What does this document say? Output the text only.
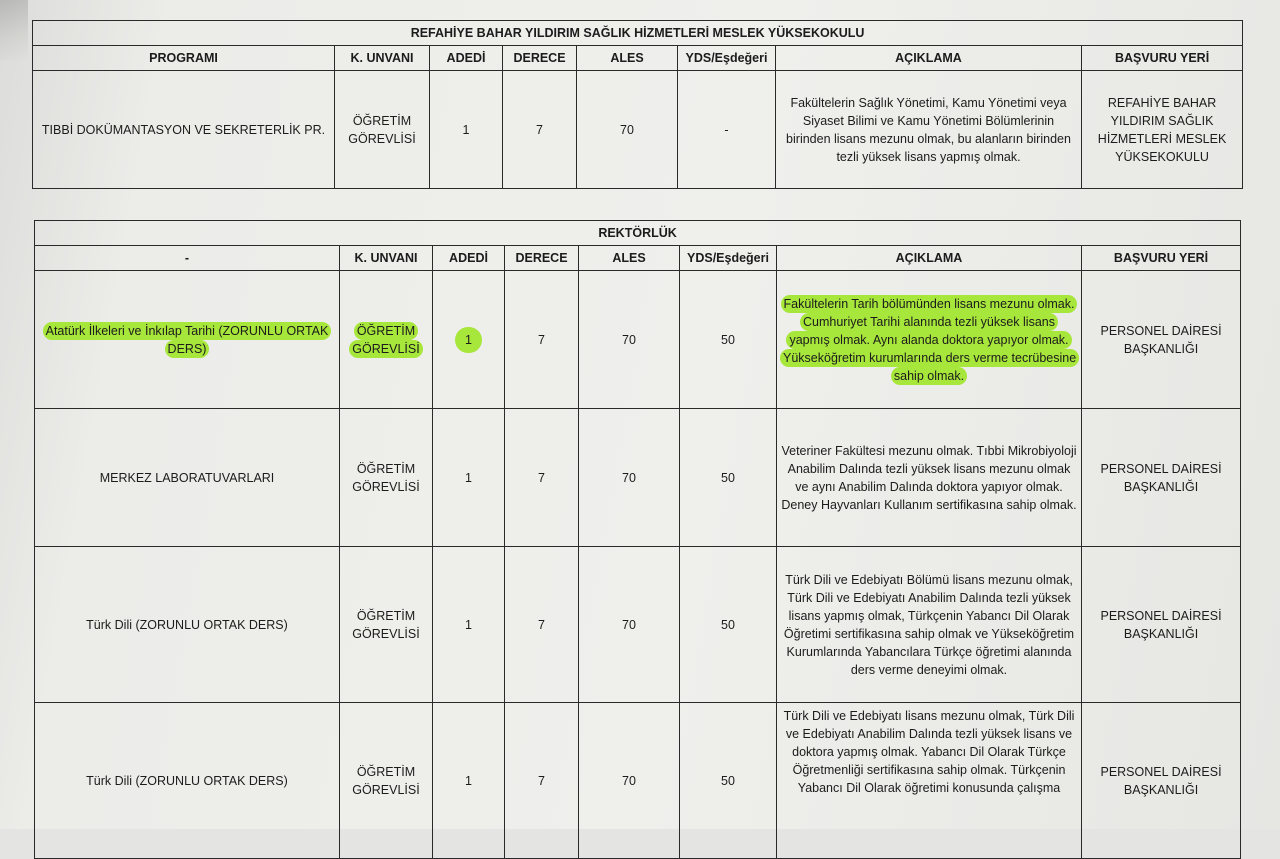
REFAHİYE BAHAR YILDIRIM SAĞLIK HİZMETLERİ MESLEK YÜKSEKOKULU							
PROGRAMI	K. UNVANI	ADEDİ	DERECE	ALES	YDS/Eşdeğeri	AÇIKLAMA	BAŞVURU YERİ
TIBBİ DOKÜMANTASYON VE SEKRETERLİK PR.	ÖĞRETİM GÖREVLİSİ	1	7	70	-	Fakültelerin Sağlık Yönetimi, Kamu Yönetimi veya Siyaset Bilimi ve Kamu Yönetimi Bölümlerinin birinden lisans mezunu olmak, bu alanların birinden tezli yüksek lisans yapmış olmak.	REFAHİYE BAHAR YILDIRIM SAĞLIK HİZMETLERİ MESLEK YÜKSEKOKULU
REKTÖRLÜK							
-	K. UNVANI	ADEDİ	DERECE	ALES	YDS/Eşdeğeri	AÇIKLAMA	BAŞVURU YERİ
Atatürk İlkeleri ve İnkılap Tarihi (ZORUNLU ORTAK DERS)	ÖĞRETİM GÖREVLİSİ	1	7	70	50	Fakültelerin Tarih bölümünden lisans mezunu olmak. Cumhuriyet Tarihi alanında tezli yüksek lisans yapmış olmak. Aynı alanda doktora yapıyor olmak. Yükseköğretim kurumlarında ders verme tecrübesine sahip olmak.	PERSONEL DAİRESİ BAŞKANLIĞI
MERKEZ LABORATUVARLARI	ÖĞRETİM GÖREVLİSİ	1	7	70	50	Veteriner Fakültesi mezunu olmak. Tıbbi Mikrobiyoloji Anabilim Dalında tezli yüksek lisans mezunu olmak ve aynı Anabilim Dalında doktora yapıyor olmak. Deney Hayvanları Kullanım sertifikasına sahip olmak.	PERSONEL DAİRESİ BAŞKANLIĞI
Türk Dili (ZORUNLU ORTAK DERS)	ÖĞRETİM GÖREVLİSİ	1	7	70	50	Türk Dili ve Edebiyatı Bölümü lisans mezunu olmak, Türk Dili ve Edebiyatı Anabilim Dalında tezli yüksek lisans yapmış olmak, Türkçenin Yabancı Dil Olarak Öğretimi sertifikasına sahip olmak ve Yükseköğretim Kurumlarında Yabancılara Türkçe öğretimi alanında ders verme deneyimi olmak.	PERSONEL DAİRESİ BAŞKANLIĞI
Türk Dili (ZORUNLU ORTAK DERS)	ÖĞRETİM GÖREVLİSİ	1	7	70	50	Türk Dili ve Edebiyatı lisans mezunu olmak, Türk Dili ve Edebiyatı Anabilim Dalında tezli yüksek lisans ve doktora yapmış olmak. Yabancı Dil Olarak Türkçe Öğretmenliği sertifikasına sahip olmak. Türkçenin Yabancı Dil Olarak öğretimi konusunda çalışma	PERSONEL DAİRESİ BAŞKANLIĞI
